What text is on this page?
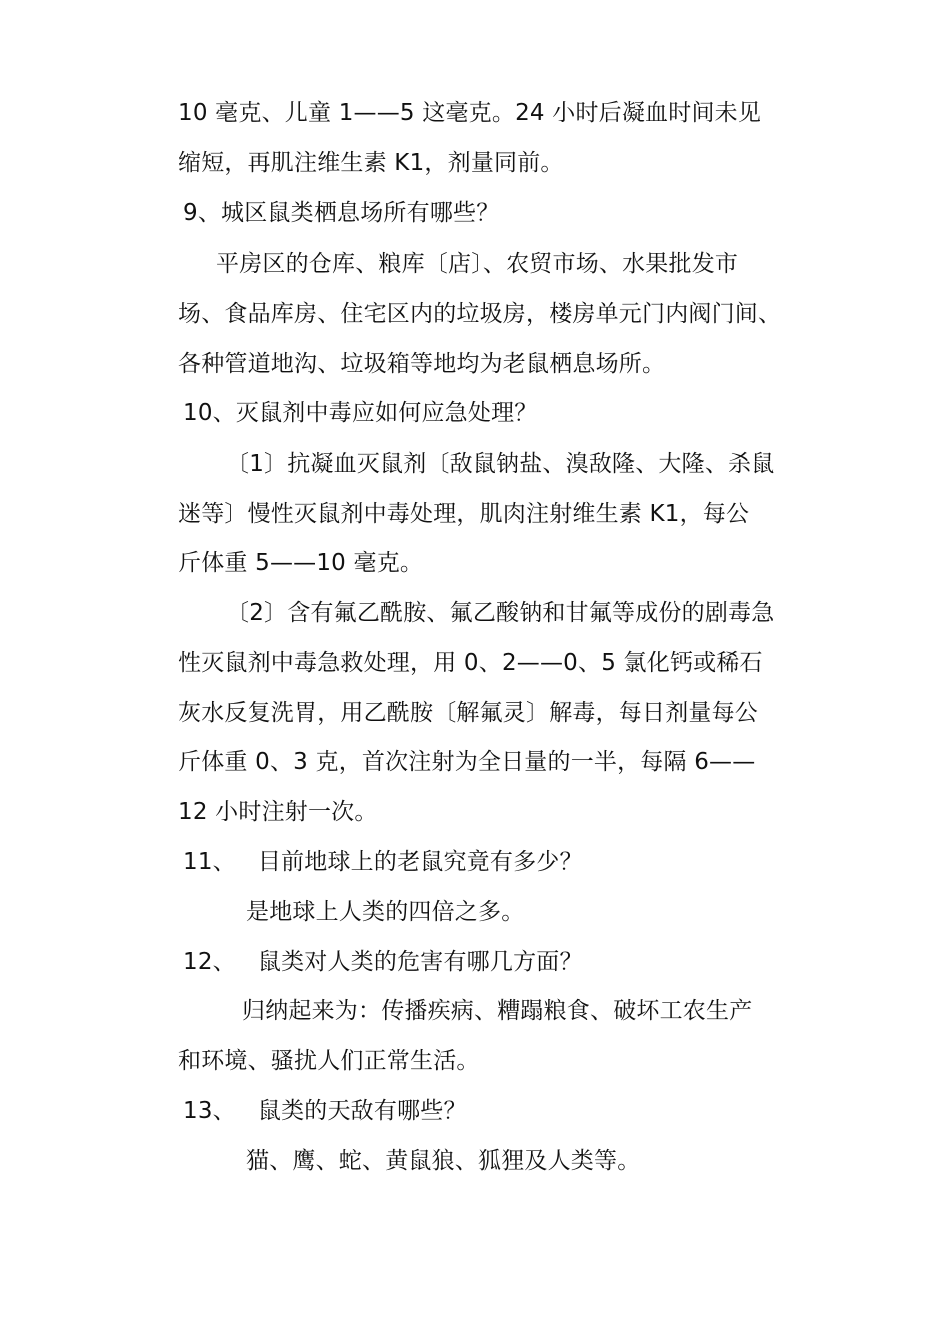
10 毫克、儿童 1——5 这毫克。24 小时后凝血时间未见
缩短，再肌注维生素 K1，剂量同前。
9、城区鼠类栖息场所有哪些？
平房区的仓库、粮库〔店〕、农贸市场、水果批发市
场、食品库房、住宅区内的垃圾房，楼房单元门内阀门间、
各种管道地沟、垃圾箱等地均为老鼠栖息场所。
10、灭鼠剂中毒应如何应急处理？
〔1〕抗凝血灭鼠剂〔敌鼠钠盐、溴敌隆、大隆、杀鼠
迷等〕慢性灭鼠剂中毒处理，肌肉注射维生素 K1，每公
斤体重 5——10 毫克。
〔2〕含有氟乙酰胺、氟乙酸钠和甘氟等成份的剧毒急
性灭鼠剂中毒急救处理，用 0、2——0、5 氯化钙或稀石
灰水反复洗胃，用乙酰胺〔解氟灵〕解毒，每日剂量每公
斤体重 0、3 克，首次注射为全日量的一半，每隔 6——
12 小时注射一次。
11、 目前地球上的老鼠究竟有多少？
是地球上人类的四倍之多。
12、 鼠类对人类的危害有哪几方面？
归纳起来为：传播疾病、糟蹋粮食、破坏工农生产
和环境、骚扰人们正常生活。
13、 鼠类的天敌有哪些？
猫、鹰、蛇、黄鼠狼、狐狸及人类等。
